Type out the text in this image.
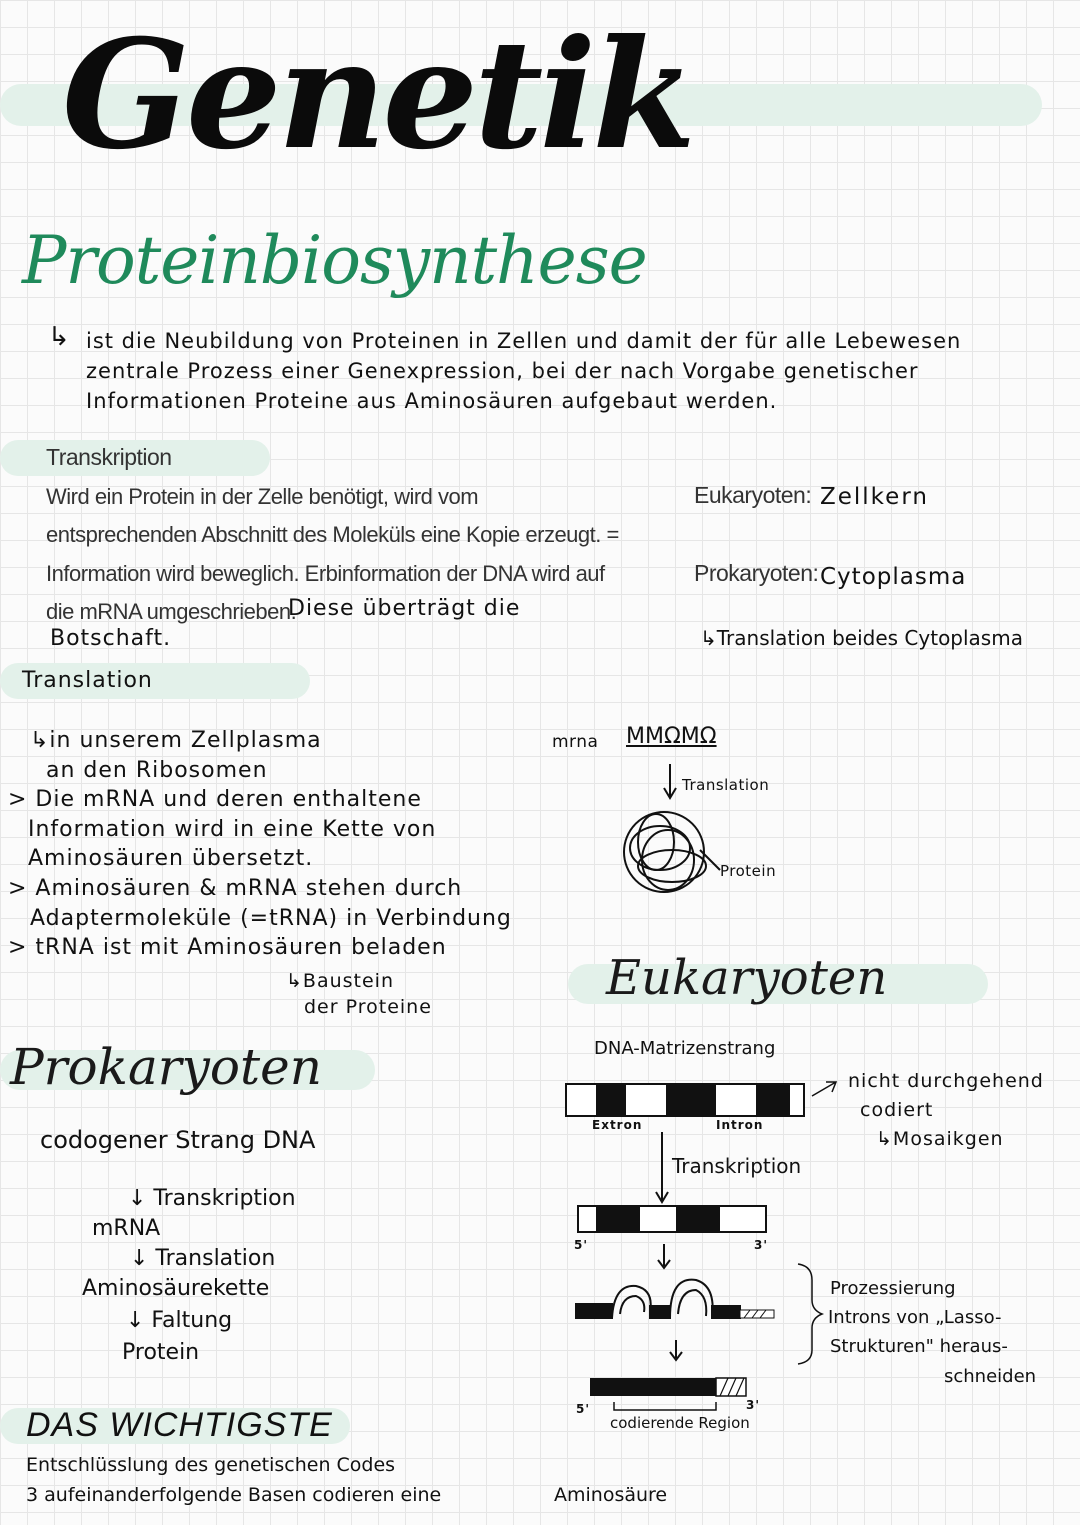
Genetik
Proteinbiosynthese
↳ ist die Neubildung von Proteinen in Zellen und damit der für alle Lebewesen
zentrale Prozess einer Genexpression, bei der nach Vorgabe genetischer
Informationen Proteine aus Aminosäuren aufgebaut werden.
Transkription
Wird ein Protein in der Zelle benötigt, wird vom
entsprechenden Abschnitt des Moleküls eine Kopie erzeugt. =
Information wird beweglich. Erbinformation der DNA wird auf
die mRNA umgeschrieben.
Diese überträgt die
Botschaft.
Eukaryoten: Zellkern
Prokaryoten: Cytoplasma
↳Translation beides Cytoplasma
Translation
↳in unserem Zellplasma
an den Ribosomen
> Die mRNA und deren enthaltene
Information wird in eine Kette von
Aminosäuren übersetzt.
> Aminosäuren & mRNA stehen durch
Adaptermoleküle (=tRNA) in Verbindung
> tRNA ist mit Aminosäuren beladen
↳Baustein
der Proteine
mrna MMΩMΩ
Translation
Protein
Eukaryoten
DNA-Matrizenstrang
Extron	Intron
Transkription
nicht durchgehend
codiert
↳Mosaikgen
5'	3'
Prozessierung
Introns von „Lasso-
Strukturen" heraus-
schneiden
5'	3'
codierende Region
Prokaryoten
codogener Strang DNA
↓ Transkription
mRNA
↓ Translation
Aminosäurekette
↓ Faltung
Protein
DAS WICHTIGSTE
Entschlüsslung des genetischen Codes
3 aufeinanderfolgende Basen codieren eine	Aminosäure
